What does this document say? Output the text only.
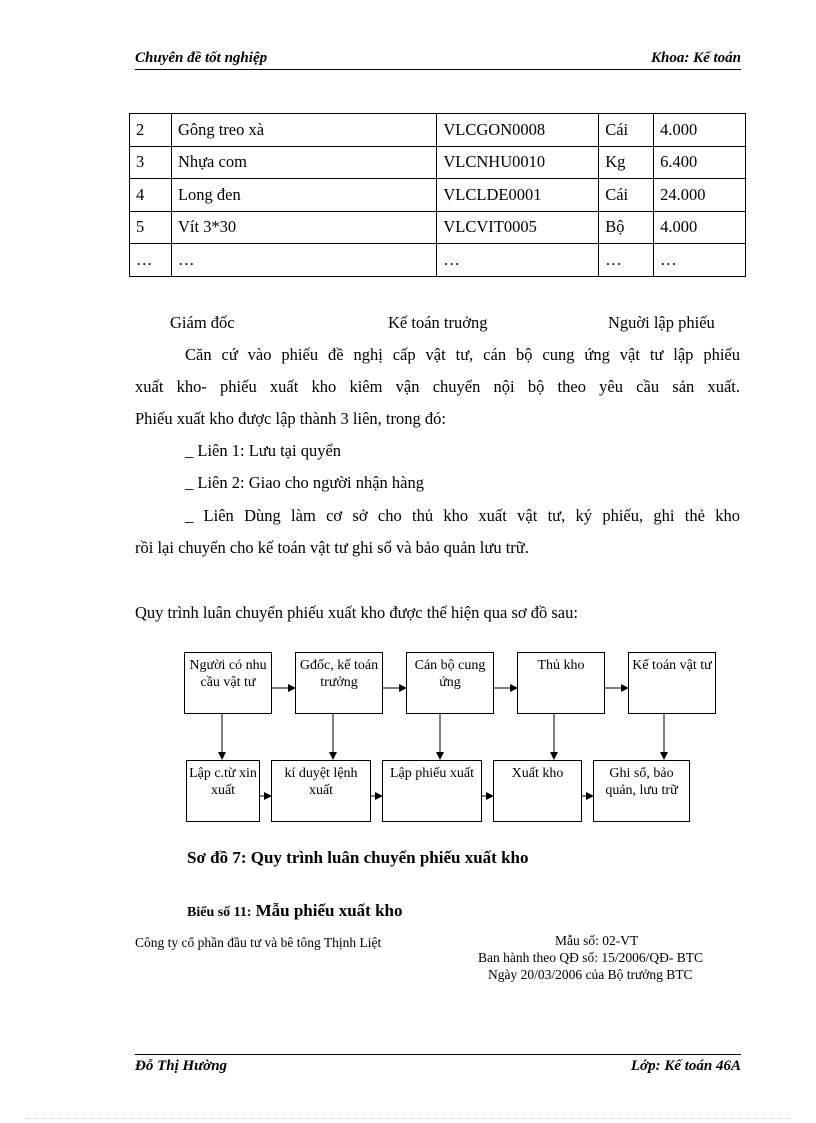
Chuyên đề tốt nghiệp	Khoa: Kế toán
2	Gông treo xà	VLCGON0008	Cái	4.000
3	Nhựa com	VLCNHU0010	Kg	6.400
4	Long đen	VLCLDE0001	Cái	24.000
5	Vít 3*30	VLCVIT0005	Bộ	4.000
…	…	…	…	…
Giám đốc	Kế toán truởng	Nguời lập phiếu
Căn cứ vào phiếu đề nghị cấp vật tư, cán bộ cung ứng vật tư lập phiếu
xuất kho- phiếu xuất kho kiêm vận chuyển nội bộ theo yêu cầu sản xuất.
Phiếu xuất kho được lập thành 3 liên, trong đó:
_ Liên 1: Lưu tại quyển
_ Liên 2: Giao cho người nhận hàng
_ Liên Dùng làm cơ sở cho thủ kho xuất vật tư, ký phiếu, ghi thẻ kho
rồi lại chuyển cho kế toán vật tư ghi sổ và bảo quản lưu trữ.
Quy trình luân chuyển phiếu xuất kho được thể hiện qua sơ đồ sau:
Người có nhu cầu vật tư
Gđốc, kế toán trưởng
Cán bộ cung ứng
Thủ kho	Kế toán vật tư
Lập c.từ xin xuất
kí duyệt lệnh xuất
Lập phiếu xuất	Xuất kho	Ghi sổ, bảo quản, lưu trữ
Sơ đồ 7: Quy trình luân chuyển phiếu xuất kho
Biểu số 11: Mẫu phiếu xuất kho
Công ty cổ phần đầu tư và bê tông Thịnh Liệt	Mẫu số: 02-VT
Ban hành theo QĐ số: 15/2006/QĐ- BTC
Ngày 20/03/2006 của Bộ trưởng BTC
Đỗ Thị Hường	Lớp: Kế toán 46A
